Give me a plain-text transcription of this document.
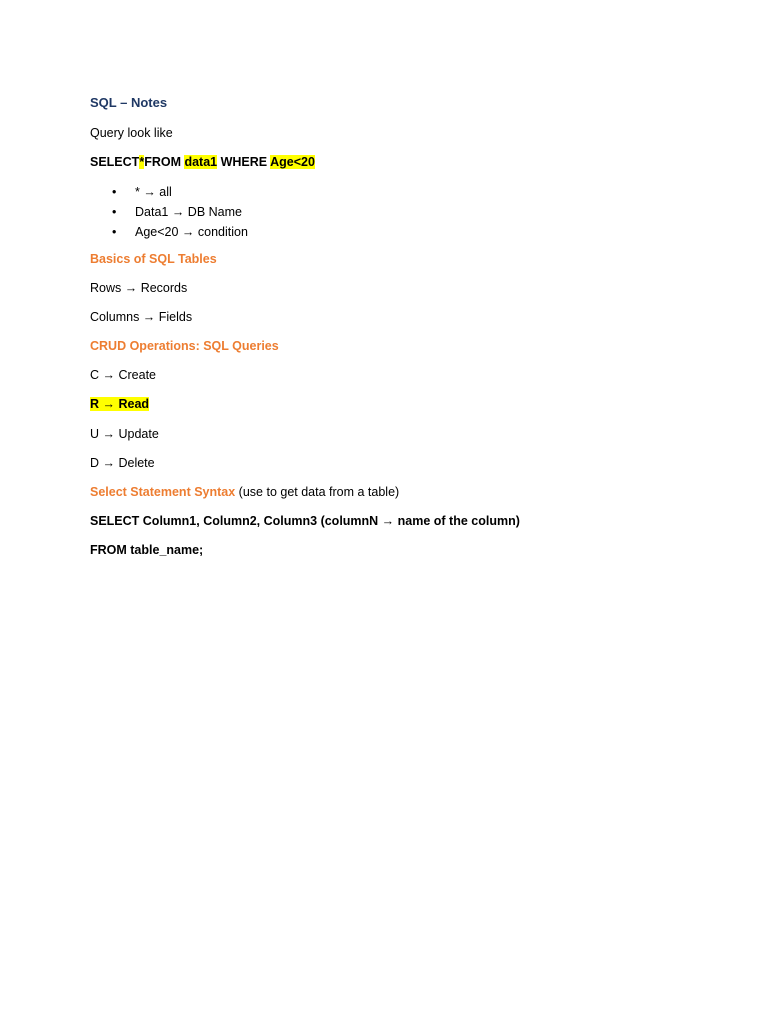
SQL – Notes
Query look like
SELECT*FROM data1 WHERE Age<20
• * → all
• Data1 → DB Name
• Age<20 → condition
Basics of SQL Tables
Rows → Records
Columns → Fields
CRUD Operations: SQL Queries
C → Create
R → Read
U → Update
D → Delete
Select Statement Syntax (use to get data from a table)
SELECT Column1, Column2, Column3 (columnN → name of the column)
FROM table_name;
